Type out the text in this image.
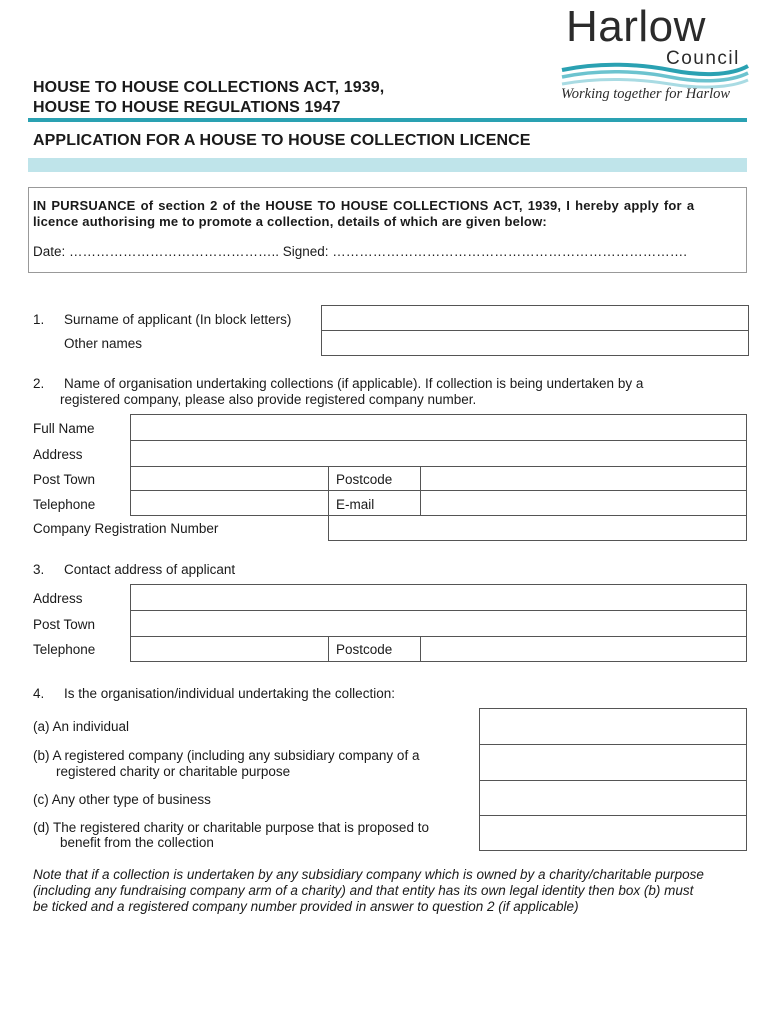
Harlow
Council
Working together for Harlow
HOUSE TO HOUSE COLLECTIONS ACT, 1939,
HOUSE TO HOUSE REGULATIONS 1947
APPLICATION FOR A HOUSE TO HOUSE COLLECTION LICENCE
IN PURSUANCE of section 2 of the HOUSE TO HOUSE COLLECTIONS ACT, 1939, I hereby apply for a
licence authorising me to promote a collection, details of which are given below:
Date: ……………………………………….. Signed: …………………………………………………………………….
1. Surname of applicant (In block letters)
Other names
2. Name of organisation undertaking collections (if applicable). If collection is being undertaken by a
registered company, please also provide registered company number.
Full Name
Address
Post Town	Postcode
Telephone	E-mail
Company Registration Number
3. Contact address of applicant
Address
Post Town
Telephone	Postcode
4. Is the organisation/individual undertaking the collection:
(a) An individual
(b) A registered company (including any subsidiary company of a
registered charity or charitable purpose
(c) Any other type of business
(d) The registered charity or charitable purpose that is proposed to
benefit from the collection
Note that if a collection is undertaken by any subsidiary company which is owned by a charity/charitable purpose
(including any fundraising company arm of a charity) and that entity has its own legal identity then box (b) must
be ticked and a registered company number provided in answer to question 2 (if applicable)
